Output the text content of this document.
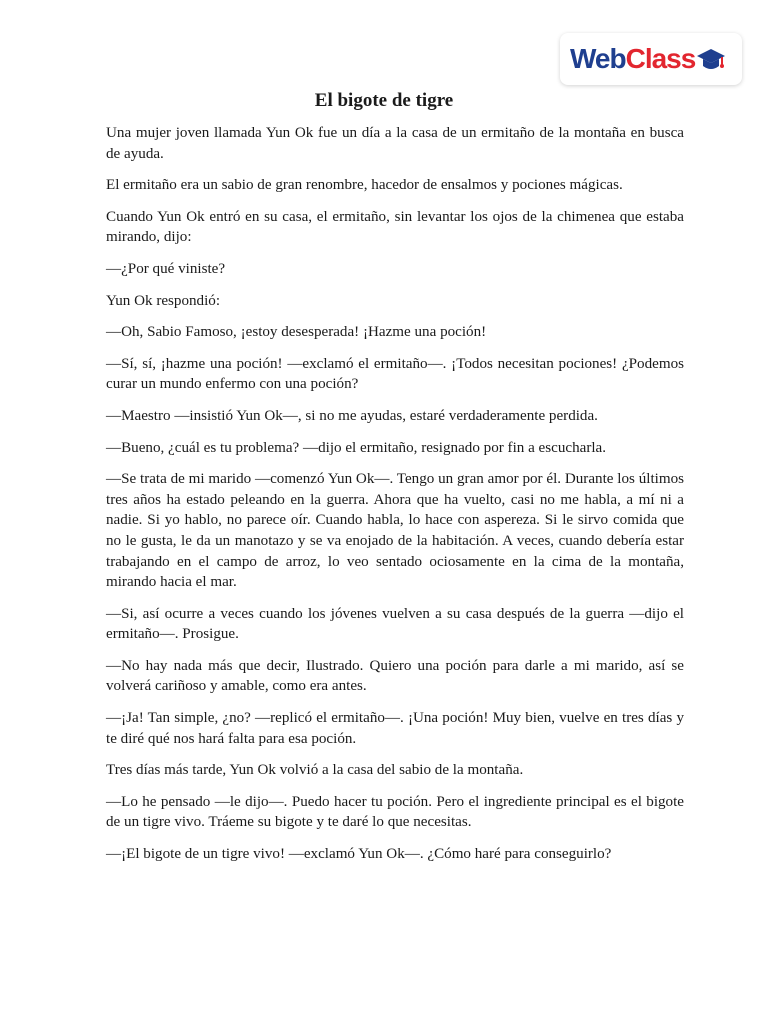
WebClass
El bigote de tigre

Una mujer joven llamada Yun Ok fue un día a la casa de un ermitaño de la montaña en busca de ayuda.

El ermitaño era un sabio de gran renombre, hacedor de ensalmos y pociones mágicas.

Cuando Yun Ok entró en su casa, el ermitaño, sin levantar los ojos de la chimenea que estaba mirando, dijo:

—¿Por qué viniste?

Yun Ok respondió:

—Oh, Sabio Famoso, ¡estoy desesperada! ¡Hazme una poción!

—Sí, sí, ¡hazme una poción! —exclamó el ermitaño—. ¡Todos necesitan pociones! ¿Podemos curar un mundo enfermo con una poción?

—Maestro —insistió Yun Ok—, si no me ayudas, estaré verdaderamente perdida.

—Bueno, ¿cuál es tu problema? —dijo el ermitaño, resignado por fin a escucharla.

—Se trata de mi marido —comenzó Yun Ok—. Tengo un gran amor por él. Durante los últimos tres años ha estado peleando en la guerra. Ahora que ha vuelto, casi no me habla, a mí ni a nadie. Si yo hablo, no parece oír. Cuando habla, lo hace con aspereza. Si le sirvo comida que no le gusta, le da un manotazo y se va enojado de la habitación. A veces, cuando debería estar trabajando en el campo de arroz, lo veo sentado ociosamente en la cima de la montaña, mirando hacia el mar.

—Si, así ocurre a veces cuando los jóvenes vuelven a su casa después de la guerra —dijo el ermitaño—. Prosigue.

—No hay nada más que decir, Ilustrado. Quiero una poción para darle a mi marido, así se volverá cariñoso y amable, como era antes.

—¡Ja! Tan simple, ¿no? —replicó el ermitaño—. ¡Una poción! Muy bien, vuelve en tres días y te diré qué nos hará falta para esa poción.

Tres días más tarde, Yun Ok volvió a la casa del sabio de la montaña.

—Lo he pensado —le dijo—. Puedo hacer tu poción. Pero el ingrediente principal es el bigote de un tigre vivo. Tráeme su bigote y te daré lo que necesitas.

—¡El bigote de un tigre vivo! —exclamó Yun Ok—. ¿Cómo haré para conseguirlo?
